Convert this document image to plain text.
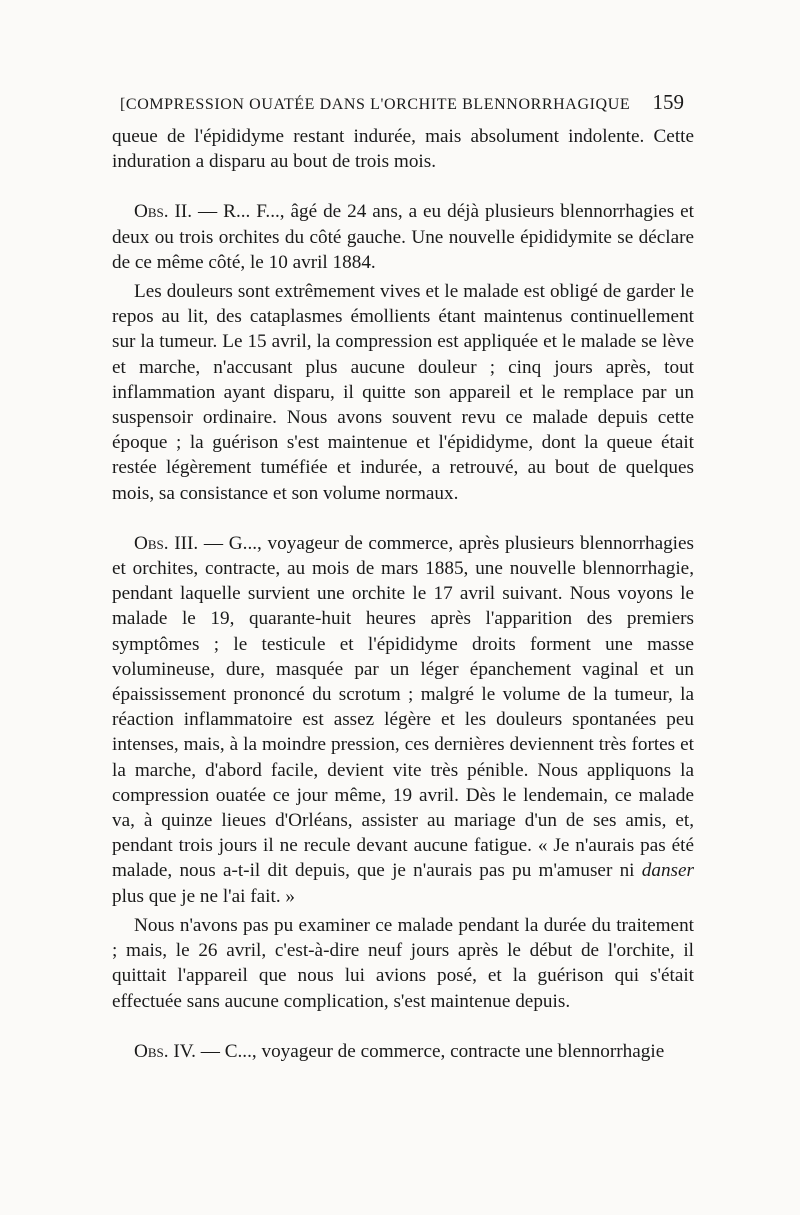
[COMPRESSION OUATÉE DANS L'ORCHITE BLENNORRHAGIQUE 159

queue de l'épididyme restant indurée, mais absolument indolente. Cette induration a disparu au bout de trois mois.

Obs. II. — R... F..., âgé de 24 ans, a eu déjà plusieurs blennorrhagies et deux ou trois orchites du côté gauche. Une nouvelle épididymite se déclare de ce même côté, le 10 avril 1884.

Les douleurs sont extrêmement vives et le malade est obligé de garder le repos au lit, des cataplasmes émollients étant maintenus continuellement sur la tumeur. Le 15 avril, la compression est appliquée et le malade se lève et marche, n'accusant plus aucune douleur ; cinq jours après, tout inflammation ayant disparu, il quitte son appareil et le remplace par un suspensoir ordinaire. Nous avons souvent revu ce malade depuis cette époque ; la guérison s'est maintenue et l'épididyme, dont la queue était restée légèrement tuméfiée et indurée, a retrouvé, au bout de quelques mois, sa consistance et son volume normaux.

Obs. III. — G..., voyageur de commerce, après plusieurs blennorrhagies et orchites, contracte, au mois de mars 1885, une nouvelle blennorrhagie, pendant laquelle survient une orchite le 17 avril suivant. Nous voyons le malade le 19, quarante-huit heures après l'apparition des premiers symptômes ; le testicule et l'épididyme droits forment une masse volumineuse, dure, masquée par un léger épanchement vaginal et un épaississement prononcé du scrotum ; malgré le volume de la tumeur, la réaction inflammatoire est assez légère et les douleurs spontanées peu intenses, mais, à la moindre pression, ces dernières deviennent très fortes et la marche, d'abord facile, devient vite très pénible. Nous appliquons la compression ouatée ce jour même, 19 avril. Dès le lendemain, ce malade va, à quinze lieues d'Orléans, assister au mariage d'un de ses amis, et, pendant trois jours il ne recule devant aucune fatigue. « Je n'aurais pas été malade, nous a-t-il dit depuis, que je n'aurais pas pu m'amuser ni danser plus que je ne l'ai fait. »

Nous n'avons pas pu examiner ce malade pendant la durée du traitement ; mais, le 26 avril, c'est-à-dire neuf jours après le début de l'orchite, il quittait l'appareil que nous lui avions posé, et la guérison qui s'était effectuée sans aucune complication, s'est maintenue depuis.

Obs. IV. — C..., voyageur de commerce, contracte une blennorrhagie
